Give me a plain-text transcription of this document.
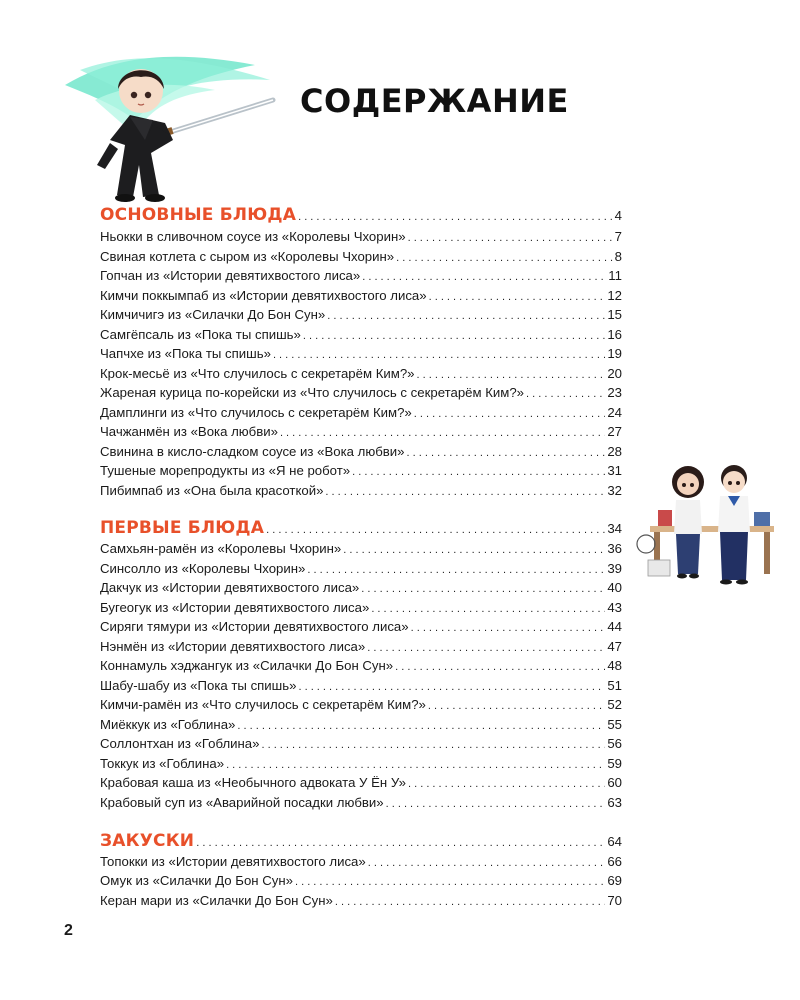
СОДЕРЖАНИЕ
ОСНОВНЫЕ БЛЮДА . . .	4
Ньокки в сливочном соусе из «Королевы Чхорин» . . .	7
Свиная котлета с сыром из «Королевы Чхорин» . . .	8
Гопчан из «Истории девятихвостого лиса» . . .	11
Кимчи поккымпаб из «Истории девятихвостого лиса» . . .	12
Кимчичигэ из «Силачки До Бон Сун» . . .	15
Самгёпсаль из «Пока ты спишь» . . .	16
Чапчхе из «Пока ты спишь» . . .	19
Крок-месьё из «Что случилось с секретарём Ким?» . . .	20
Жареная курица по-корейски из «Что случилось с секретарём Ким?» . . .	23
Дамплинги из «Что случилось с секретарём Ким?» . . .	24
Чачжанмён из «Вока любви» . . .	27
Свинина в кисло-сладком соусе из «Вока любви» . . .	28
Тушеные морепродукты из «Я не робот» . . .	31
Пибимпаб из «Она была красоткой» . . .	32
ПЕРВЫЕ БЛЮДА . . .	34
Самхьян-рамён из «Королевы Чхорин» . . .	36
Синсолло из «Королевы Чхорин» . . .	39
Дакчук из «Истории девятихвостого лиса» . . .	40
Бугеогук из «Истории девятихвостого лиса» . . .	43
Сиряги тямури из «Истории девятихвостого лиса» . . .	44
Нэнмён из «Истории девятихвостого лиса» . . .	47
Коннамуль хэджангук из «Силачки До Бон Сун» . . .	48
Шабу-шабу из «Пока ты спишь» . . .	51
Кимчи-рамён из «Что случилось с секретарём Ким?» . . .	52
Миёккук из «Гоблина» . . .	55
Соллонтхан из «Гоблина» . . .	56
Токкук из «Гоблина» . . .	59
Крабовая каша из «Необычного адвоката У Ён У» . . .	60
Крабовый суп из «Аварийной посадки любви» . . .	63
ЗАКУСКИ . . .	64
Топокки из «Истории девятихвостого лиса» . . .	66
Омук из «Силачки До Бон Сун» . . .	69
Керан мари из «Силачки До Бон Сун» . . .	70
2
